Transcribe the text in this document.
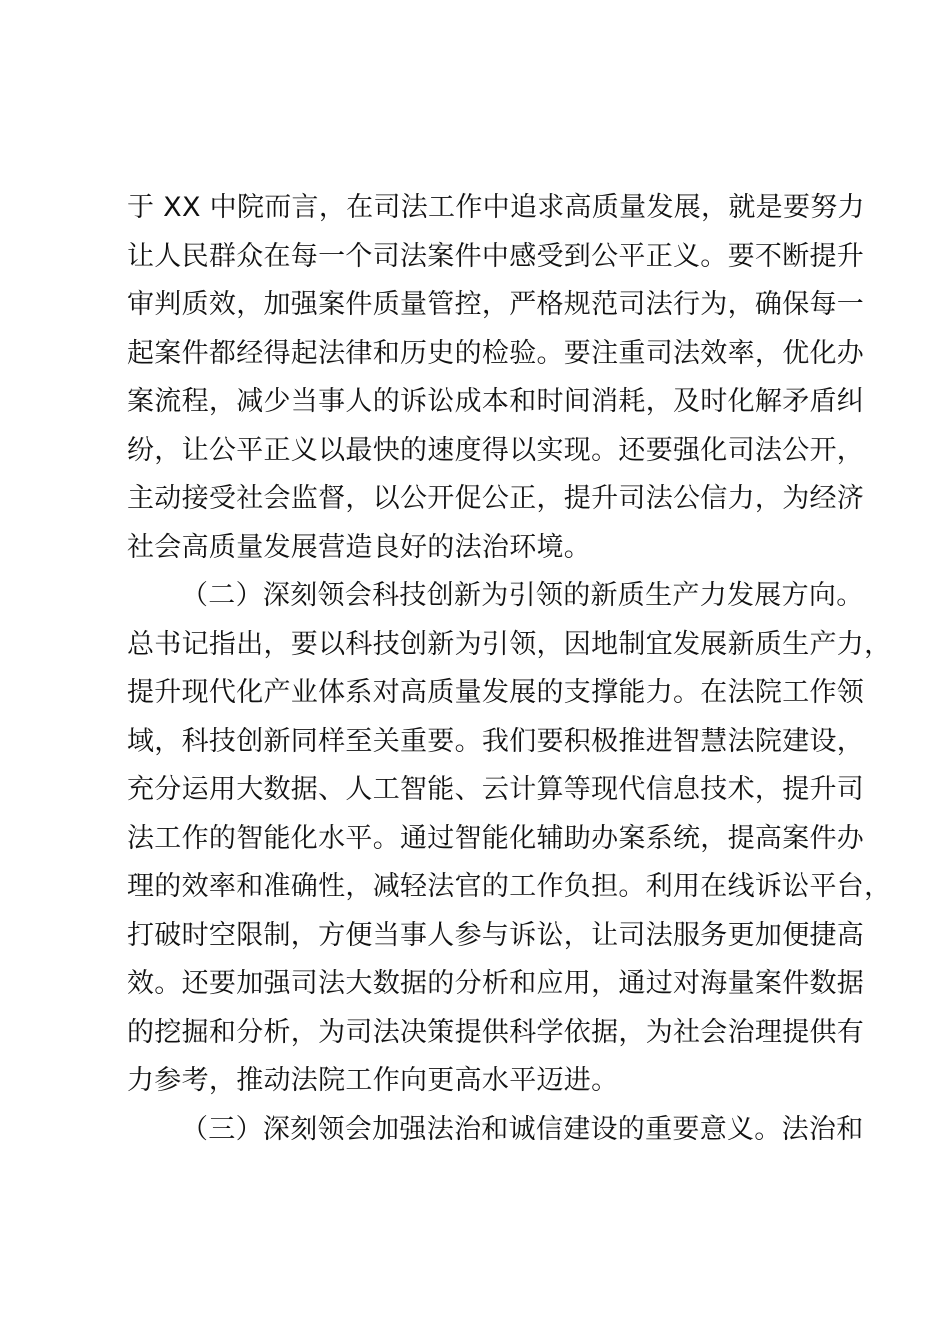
于 XX 中院而言，在司法工作中追求高质量发展，就是要努力
让人民群众在每一个司法案件中感受到公平正义。要不断提升
审判质效，加强案件质量管控，严格规范司法行为，确保每一
起案件都经得起法律和历史的检验。要注重司法效率，优化办
案流程，减少当事人的诉讼成本和时间消耗，及时化解矛盾纠
纷，让公平正义以最快的速度得以实现。还要强化司法公开，
主动接受社会监督，以公开促公正，提升司法公信力，为经济
社会高质量发展营造良好的法治环境。
（二）深刻领会科技创新为引领的新质生产力发展方向。
总书记指出，要以科技创新为引领，因地制宜发展新质生产力，
提升现代化产业体系对高质量发展的支撑能力。在法院工作领
域，科技创新同样至关重要。我们要积极推进智慧法院建设，
充分运用大数据、人工智能、云计算等现代信息技术，提升司
法工作的智能化水平。通过智能化辅助办案系统，提高案件办
理的效率和准确性，减轻法官的工作负担。利用在线诉讼平台，
打破时空限制，方便当事人参与诉讼，让司法服务更加便捷高
效。还要加强司法大数据的分析和应用，通过对海量案件数据
的挖掘和分析，为司法决策提供科学依据，为社会治理提供有
力参考，推动法院工作向更高水平迈进。
（三）深刻领会加强法治和诚信建设的重要意义。法治和
